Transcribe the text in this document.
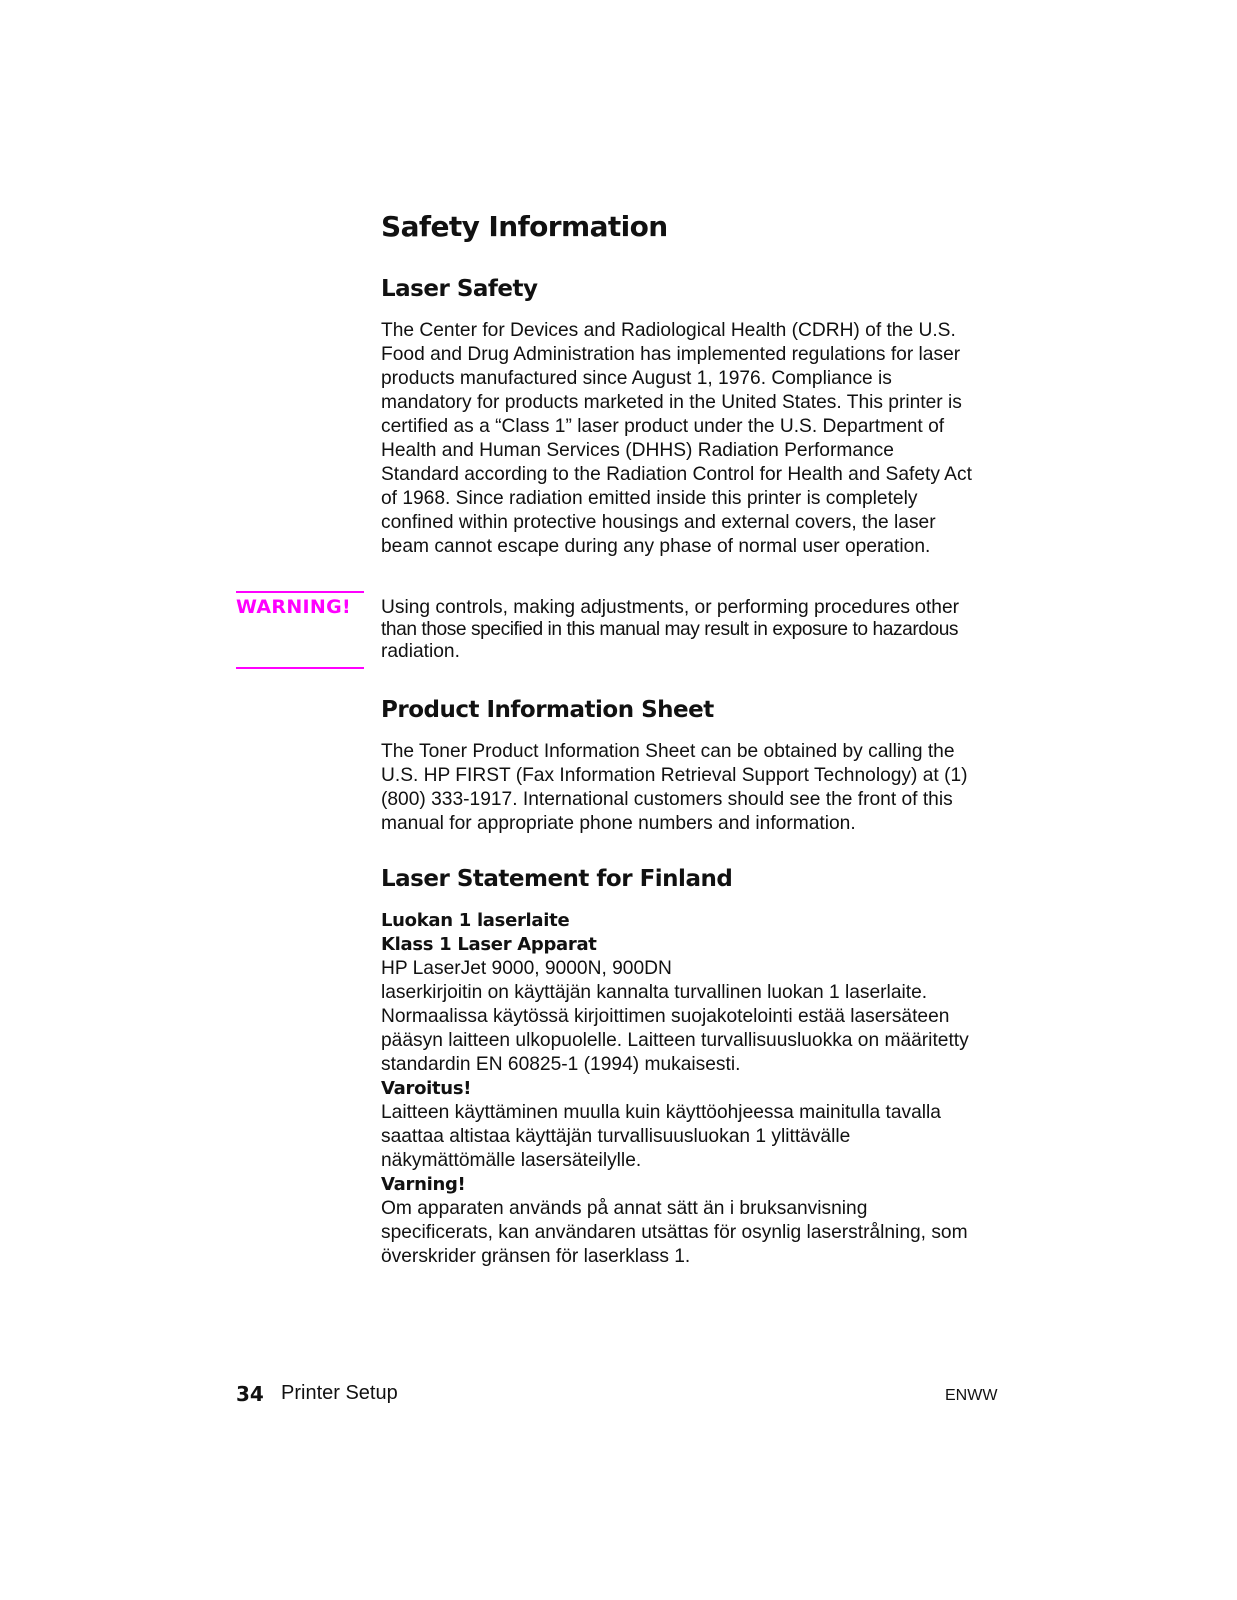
Safety Information
Laser Safety
The Center for Devices and Radiological Health (CDRH) of the U.S.
Food and Drug Administration has implemented regulations for laser
products manufactured since August 1, 1976. Compliance is
mandatory for products marketed in the United States. This printer is
certified as a “Class 1” laser product under the U.S. Department of
Health and Human Services (DHHS) Radiation Performance
Standard according to the Radiation Control for Health and Safety Act
of 1968. Since radiation emitted inside this printer is completely
confined within protective housings and external covers, the laser
beam cannot escape during any phase of normal user operation.
WARNING! Using controls, making adjustments, or performing procedures other
than those specified in this manual may result in exposure to hazardous
radiation.
Product Information Sheet
The Toner Product Information Sheet can be obtained by calling the
U.S. HP FIRST (Fax Information Retrieval Support Technology) at (1)
(800) 333-1917. International customers should see the front of this
manual for appropriate phone numbers and information.
Laser Statement for Finland
Luokan 1 laserlaite
Klass 1 Laser Apparat
HP LaserJet 9000, 9000N, 900DN
laserkirjoitin on käyttäjän kannalta turvallinen luokan 1 laserlaite.
Normaalissa käytössä kirjoittimen suojakotelointi estää lasersäteen
pääsyn laitteen ulkopuolelle. Laitteen turvallisuusluokka on määritetty
standardin EN 60825-1 (1994) mukaisesti.
Varoitus!
Laitteen käyttäminen muulla kuin käyttöohjeessa mainitulla tavalla
saattaa altistaa käyttäjän turvallisuusluokan 1 ylittävälle
näkymättömälle lasersäteilylle.
Varning!
Om apparaten används på annat sätt än i bruksanvisning
specificerats, kan användaren utsättas för osynlig laserstrålning, som
överskrider gränsen för laserklass 1.
34 Printer Setup	ENWW
